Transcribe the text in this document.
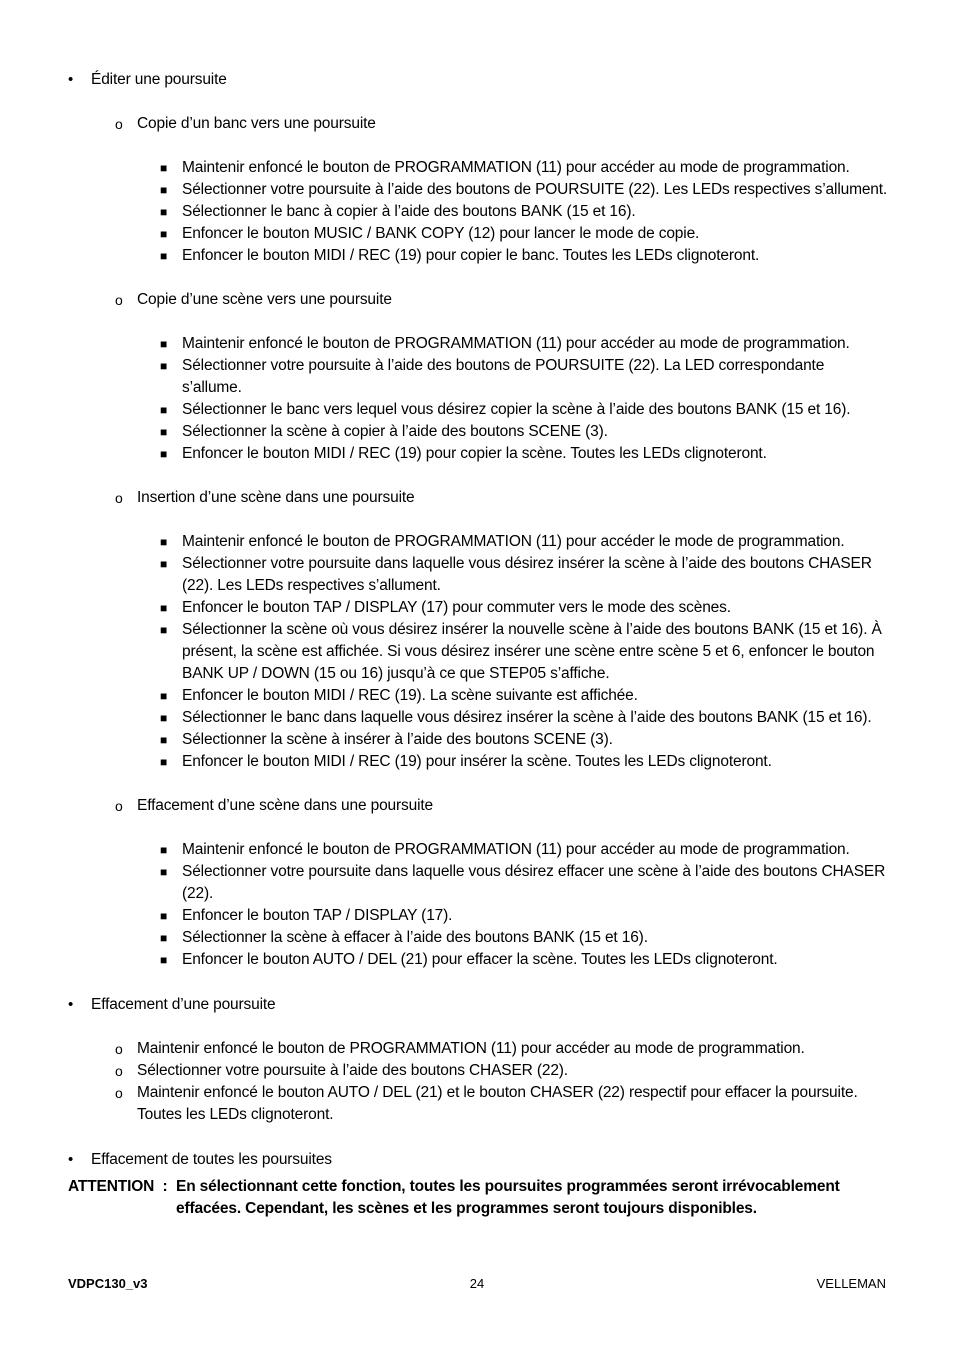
• Éditer une poursuite
o Copie d’un banc vers une poursuite
■ Maintenir enfoncé le bouton de PROGRAMMATION (11) pour accéder au mode de programmation.
■ Sélectionner votre poursuite à l’aide des boutons de POURSUITE (22). Les LEDs respectives s’allument.
■ Sélectionner le banc à copier à l’aide des boutons BANK (15 et 16).
■ Enfoncer le bouton MUSIC / BANK COPY (12) pour lancer le mode de copie.
■ Enfoncer le bouton MIDI / REC (19) pour copier le banc. Toutes les LEDs clignoteront.
o Copie d’une scène vers une poursuite
■ Maintenir enfoncé le bouton de PROGRAMMATION (11) pour accéder au mode de programmation.
■ Sélectionner votre poursuite à l’aide des boutons de POURSUITE (22). La LED correspondante s’allume.
■ Sélectionner le banc vers lequel vous désirez copier la scène à l’aide des boutons BANK (15 et 16).
■ Sélectionner la scène à copier à l’aide des boutons SCENE (3).
■ Enfoncer le bouton MIDI / REC (19) pour copier la scène. Toutes les LEDs clignoteront.
o Insertion d’une scène dans une poursuite
■ Maintenir enfoncé le bouton de PROGRAMMATION (11) pour accéder le mode de programmation.
■ Sélectionner votre poursuite dans laquelle vous désirez insérer la scène à l’aide des boutons CHASER (22). Les LEDs respectives s’allument.
■ Enfoncer le bouton TAP / DISPLAY (17) pour commuter vers le mode des scènes.
■ Sélectionner la scène où vous désirez insérer la nouvelle scène à l’aide des boutons BANK (15 et 16). À présent, la scène est affichée. Si vous désirez insérer une scène entre scène 5 et 6, enfoncer le bouton BANK UP / DOWN (15 ou 16) jusqu’à ce que STEP05 s’affiche.
■ Enfoncer le bouton MIDI / REC (19). La scène suivante est affichée.
■ Sélectionner le banc dans laquelle vous désirez insérer la scène à l’aide des boutons BANK (15 et 16).
■ Sélectionner la scène à insérer à l’aide des boutons SCENE (3).
■ Enfoncer le bouton MIDI / REC (19) pour insérer la scène. Toutes les LEDs clignoteront.
o Effacement d’une scène dans une poursuite
■ Maintenir enfoncé le bouton de PROGRAMMATION (11) pour accéder au mode de programmation.
■ Sélectionner votre poursuite dans laquelle vous désirez effacer une scène à l’aide des boutons CHASER (22).
■ Enfoncer le bouton TAP / DISPLAY (17).
■ Sélectionner la scène à effacer à l’aide des boutons BANK (15 et 16).
■ Enfoncer le bouton AUTO / DEL (21) pour effacer la scène. Toutes les LEDs clignoteront.
• Effacement d’une poursuite
o Maintenir enfoncé le bouton de PROGRAMMATION (11) pour accéder au mode de programmation.
o Sélectionner votre poursuite à l’aide des boutons CHASER (22).
o Maintenir enfoncé le bouton AUTO / DEL (21) et le bouton CHASER (22) respectif pour effacer la poursuite. Toutes les LEDs clignoteront.
• Effacement de toutes les poursuites
ATTENTION : En sélectionnant cette fonction, toutes les poursuites programmées seront irrévocablement effacées. Cependant, les scènes et les programmes seront toujours disponibles.
VDPC130_v3	24	VELLEMAN
